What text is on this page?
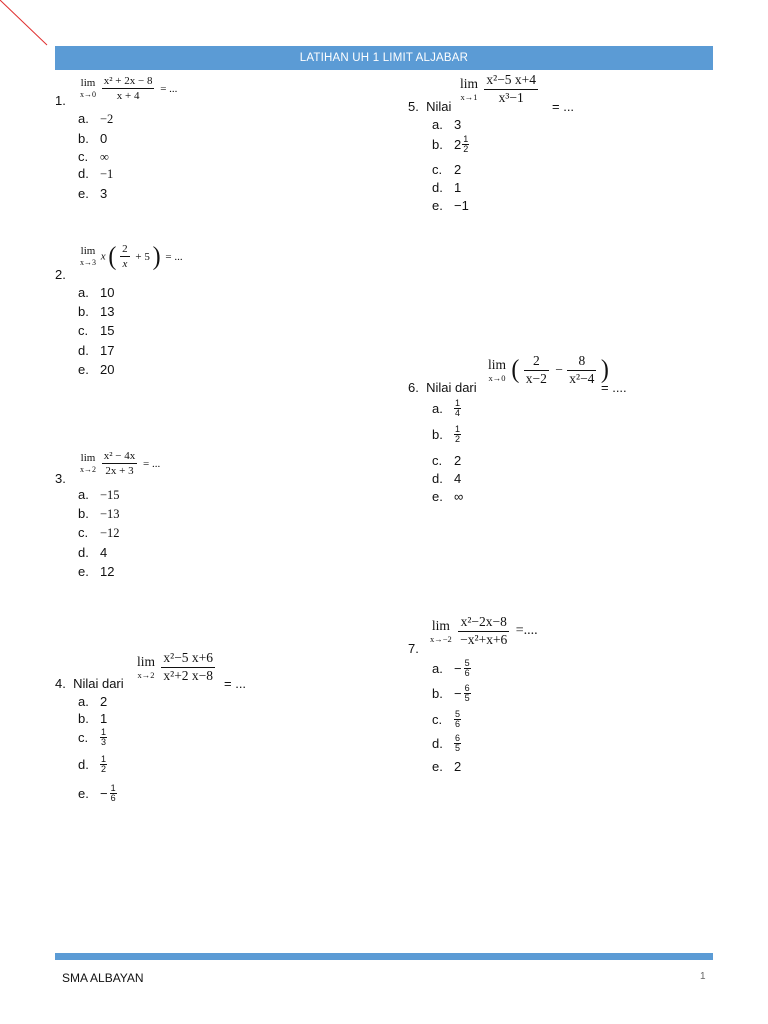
LATIHAN UH 1 LIMIT ALJABAR
1.
lim
x→0
$\frac{\text{x² + 2x − 8}}{x + 4}$ = ...
a. −2
b. 0
c. ∞
d. −1
e. 3
2.
lim
x→3 x ( $\frac{2}{x} + 5$ ) = ...
a. 10
b. 13
c. 15
d. 17
e. 20
3.
lim
x→2
$\frac{\text{x² − 4x}}{2x + 3}$ = ...
a. −15
b. −13
c. −12
d. 4
e. 12
4. Nilai dari
lim
x→2
$\frac{\text{x²−5 x+6}}{\text{x²+2 x−8}}$ = ...
a. 2
b. 1
c. $\frac{1}{3}$
d. $\frac{1}{2}$
e. − $\frac{1}{6}$
5. Nilai
lim
x→1
$\frac{\text{x²−5 x+4}}{\text{x³−1}}$
= ...
a. 3
b. $2 \frac{1}{2}$
c. 2
d. 1
e. −1
6. Nilai dari
lim
x→0 ( $\frac{2}{x-2} - \frac{8}{\text{x²−4}}$ )
= ....
a. $\frac{1}{4}$
b. $\frac{1}{2}$
c. 2
d. 4
e. ∞
7.
lim
x→−2
$\frac{\text{x²−2x−8}}{\text{−x²+x+6}}$ =....
a. − $\frac{5}{6}$
b. − $\frac{6}{5}$
c. $\frac{5}{6}$
d. $\frac{6}{5}$
e. 2
SMA ALBAYAN	1
